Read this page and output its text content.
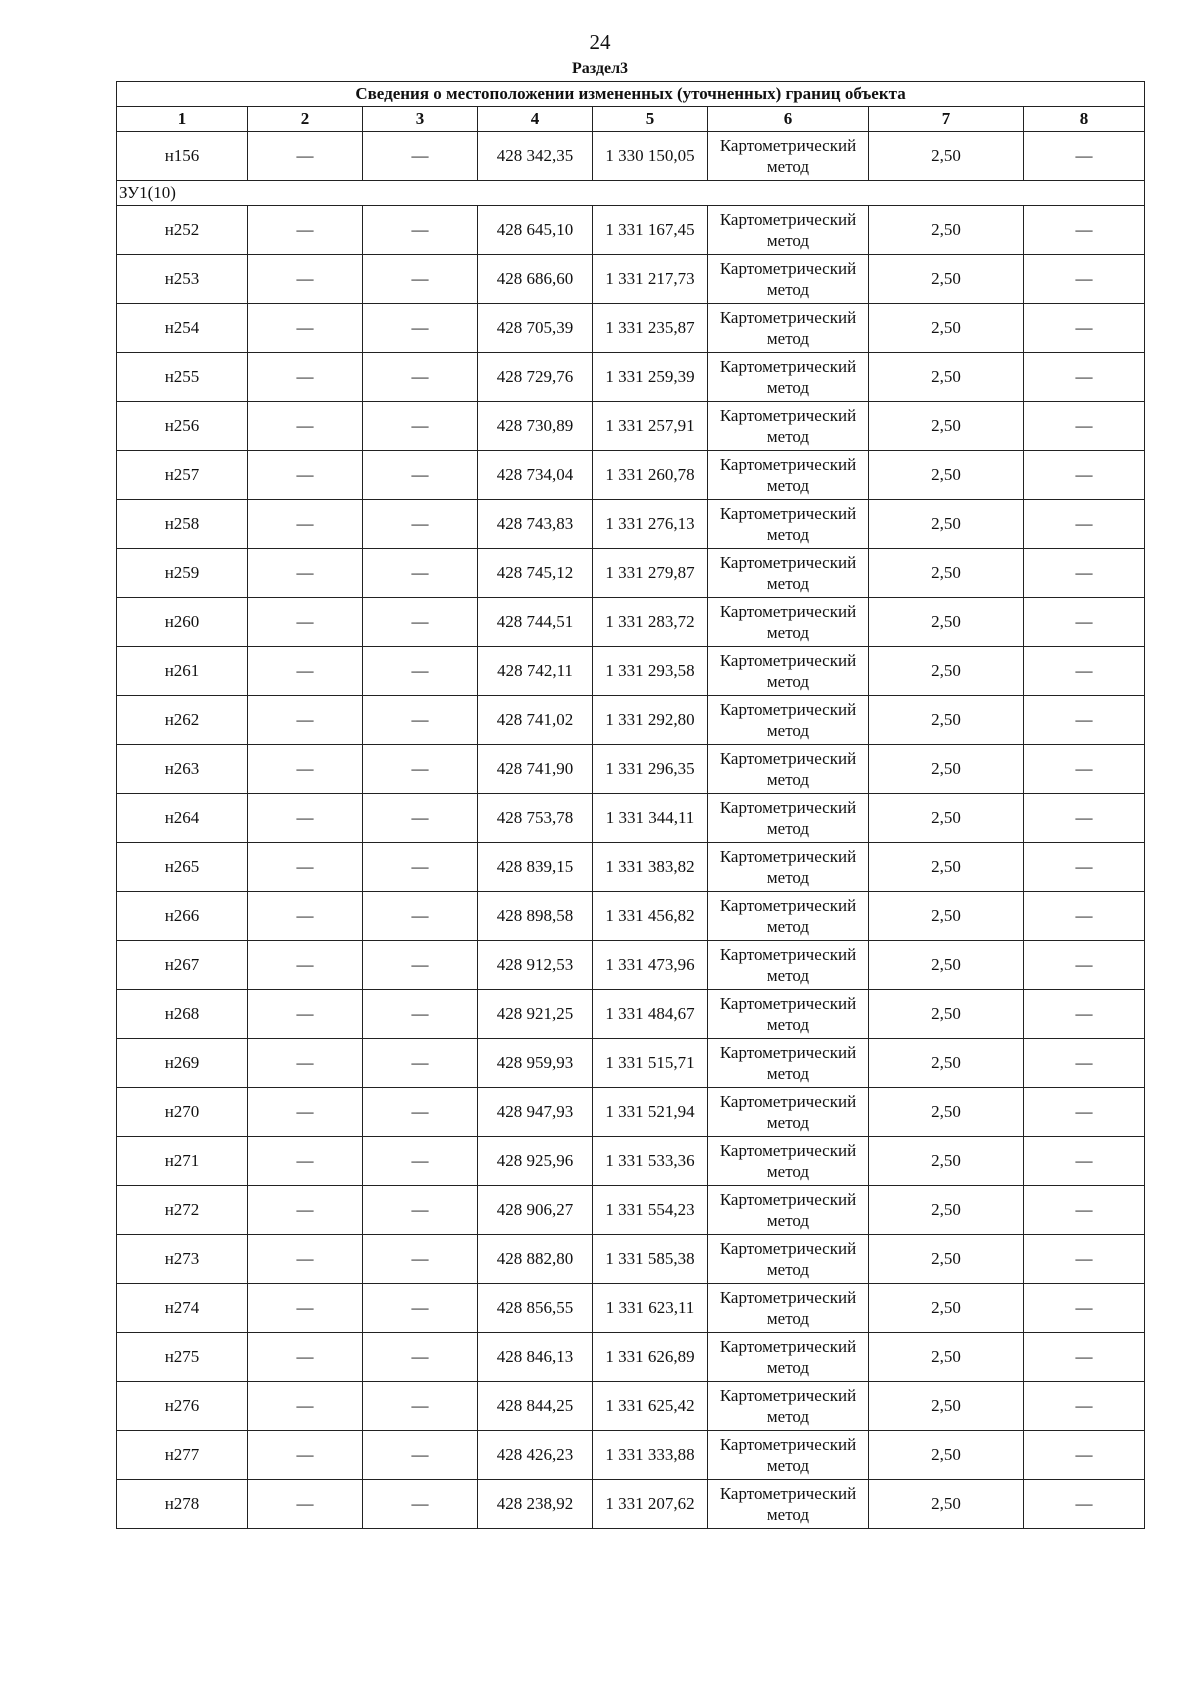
24
Раздел3
Сведения о местоположении измененных (уточненных) границ объекта							
1	2	3	4	5	6	7	8
н156	—	—	428 342,35	1 330 150,05	Картометрический метод	2,50	—
ЗУ1(10)							
н252	—	—	428 645,10	1 331 167,45	Картометрический метод	2,50	—
н253	—	—	428 686,60	1 331 217,73	Картометрический метод	2,50	—
н254	—	—	428 705,39	1 331 235,87	Картометрический метод	2,50	—
н255	—	—	428 729,76	1 331 259,39	Картометрический метод	2,50	—
н256	—	—	428 730,89	1 331 257,91	Картометрический метод	2,50	—
н257	—	—	428 734,04	1 331 260,78	Картометрический метод	2,50	—
н258	—	—	428 743,83	1 331 276,13	Картометрический метод	2,50	—
н259	—	—	428 745,12	1 331 279,87	Картометрический метод	2,50	—
н260	—	—	428 744,51	1 331 283,72	Картометрический метод	2,50	—
н261	—	—	428 742,11	1 331 293,58	Картометрический метод	2,50	—
н262	—	—	428 741,02	1 331 292,80	Картометрический метод	2,50	—
н263	—	—	428 741,90	1 331 296,35	Картометрический метод	2,50	—
н264	—	—	428 753,78	1 331 344,11	Картометрический метод	2,50	—
н265	—	—	428 839,15	1 331 383,82	Картометрический метод	2,50	—
н266	—	—	428 898,58	1 331 456,82	Картометрический метод	2,50	—
н267	—	—	428 912,53	1 331 473,96	Картометрический метод	2,50	—
н268	—	—	428 921,25	1 331 484,67	Картометрический метод	2,50	—
н269	—	—	428 959,93	1 331 515,71	Картометрический метод	2,50	—
н270	—	—	428 947,93	1 331 521,94	Картометрический метод	2,50	—
н271	—	—	428 925,96	1 331 533,36	Картометрический метод	2,50	—
н272	—	—	428 906,27	1 331 554,23	Картометрический метод	2,50	—
н273	—	—	428 882,80	1 331 585,38	Картометрический метод	2,50	—
н274	—	—	428 856,55	1 331 623,11	Картометрический метод	2,50	—
н275	—	—	428 846,13	1 331 626,89	Картометрический метод	2,50	—
н276	—	—	428 844,25	1 331 625,42	Картометрический метод	2,50	—
н277	—	—	428 426,23	1 331 333,88	Картометрический метод	2,50	—
н278	—	—	428 238,92	1 331 207,62	Картометрический метод	2,50	—
